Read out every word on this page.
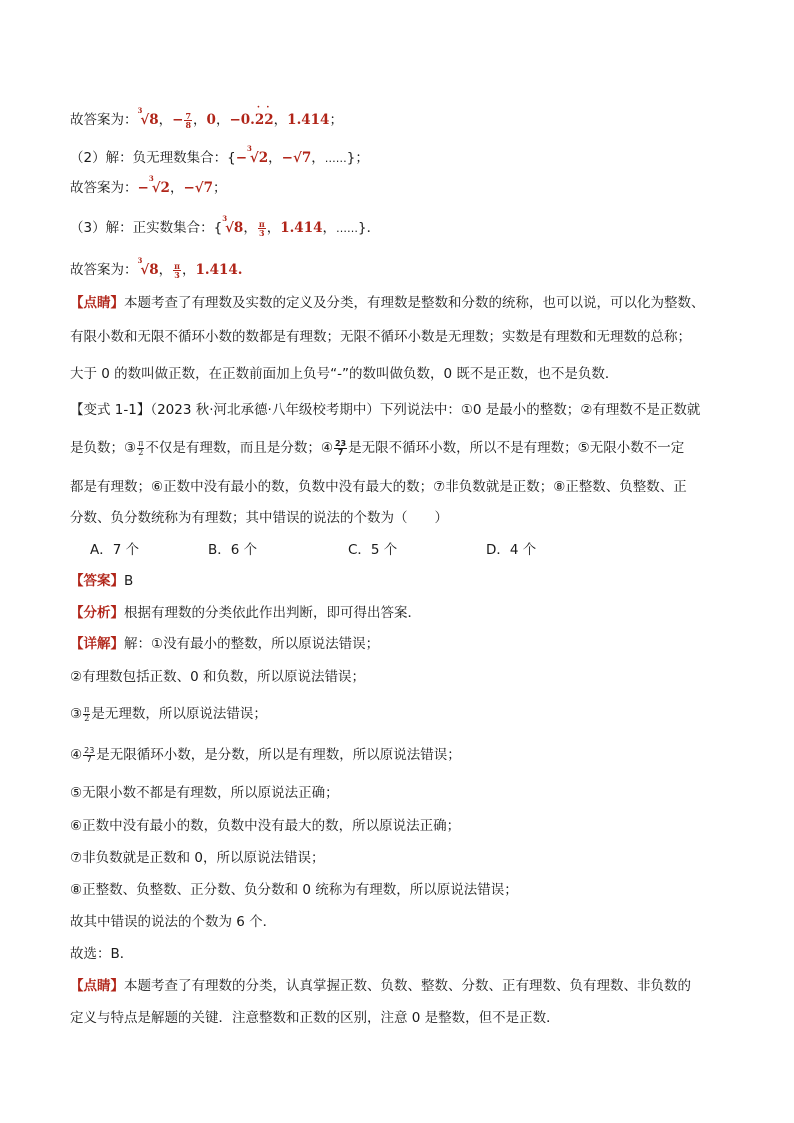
故答案为：$^3$√8，− $\frac{7}{8}$ ，0，−0.2
·
2
·
，1.414；
（2）解：负无理数集合：{−$^3$√2，−√7，……}；
故答案为：−$^3$√2，−√7；
（3）解：正实数集合：{$^3$√8， $\frac{\pi}{3}$ ，1.414，……}．
故答案为：$^3$√8， $\frac{\pi}{3}$ ，1.414.
【点睛】本题考查了有理数及实数的定义及分类，有理数是整数和分数的统称，也可以说，可以化为整数、
有限小数和无限不循环小数的数都是有理数；无限不循环小数是无理数；实数是有理数和无理数的总称；
大于 0 的数叫做正数，在正数前面加上负号“-”的数叫做负数，0 既不是正数，也不是负数．
【变式 1-1】（2023 秋·河北承德·八年级校考期中）下列说法中：①0 是最小的整数；②有理数不是正数就
是负数；③ $\frac{\pi}{2}$ 不仅是有理数，而且是分数；④ $\frac{23}{7}$ 是无限不循环小数，所以不是有理数；⑤无限小数不一定
都是有理数；⑥正数中没有最小的数，负数中没有最大的数；⑦非负数就是正数；⑧正整数、负整数、正
分数、负分数统称为有理数；其中错误的说法的个数为（　　）
A．7 个	B．6 个	C．5 个	D．4 个
【答案】B
【分析】根据有理数的分类依此作出判断，即可得出答案．
【详解】解：①没有最小的整数，所以原说法错误；
②有理数包括正数、0 和负数，所以原说法错误；
③ $\frac{\pi}{2}$ 是无理数，所以原说法错误；
④ $\frac{23}{7}$ 是无限循环小数，是分数，所以是有理数，所以原说法错误；
⑤无限小数不都是有理数，所以原说法正确；
⑥正数中没有最小的数，负数中没有最大的数，所以原说法正确；
⑦非负数就是正数和 0，所以原说法错误；
⑧正整数、负整数、正分数、负分数和 0 统称为有理数，所以原说法错误；
故其中错误的说法的个数为 6 个．
故选：B．
【点睛】本题考查了有理数的分类，认真掌握正数、负数、整数、分数、正有理数、负有理数、非负数的
定义与特点是解题的关键．注意整数和正数的区别，注意 0 是整数，但不是正数．
